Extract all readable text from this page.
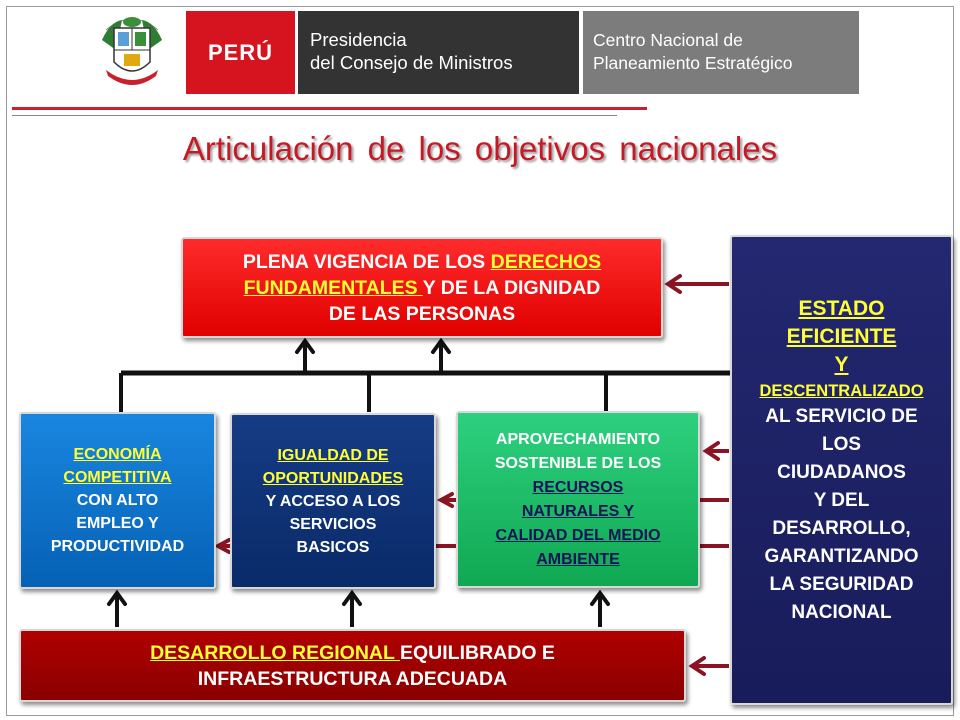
PERÚ Presidencia
del Consejo de Ministros
Centro Nacional de
Planeamiento Estratégico
Articulación de los objetivos nacionales
PLENA VIGENCIA DE LOS DERECHOS
FUNDAMENTALES Y DE LA DIGNIDAD
DE LAS PERSONAS
ECONOMÍA
COMPETITIVA
CON ALTO
EMPLEO Y
PRODUCTIVIDAD
IGUALDAD DE
OPORTUNIDADES
Y ACCESO A LOS
SERVICIOS
BASICOS
APROVECHAMIENTO
SOSTENIBLE DE LOS
RECURSOS
NATURALES Y
CALIDAD DEL MEDIO
AMBIENTE
DESARROLLO REGIONAL EQUILIBRADO E
INFRAESTRUCTURA ADECUADA
ESTADO
EFICIENTE
Y
DESCENTRALIZADO
AL SERVICIO DE
LOS
CIUDADANOS
Y DEL
DESARROLLO,
GARANTIZANDO
LA SEGURIDAD
NACIONAL
